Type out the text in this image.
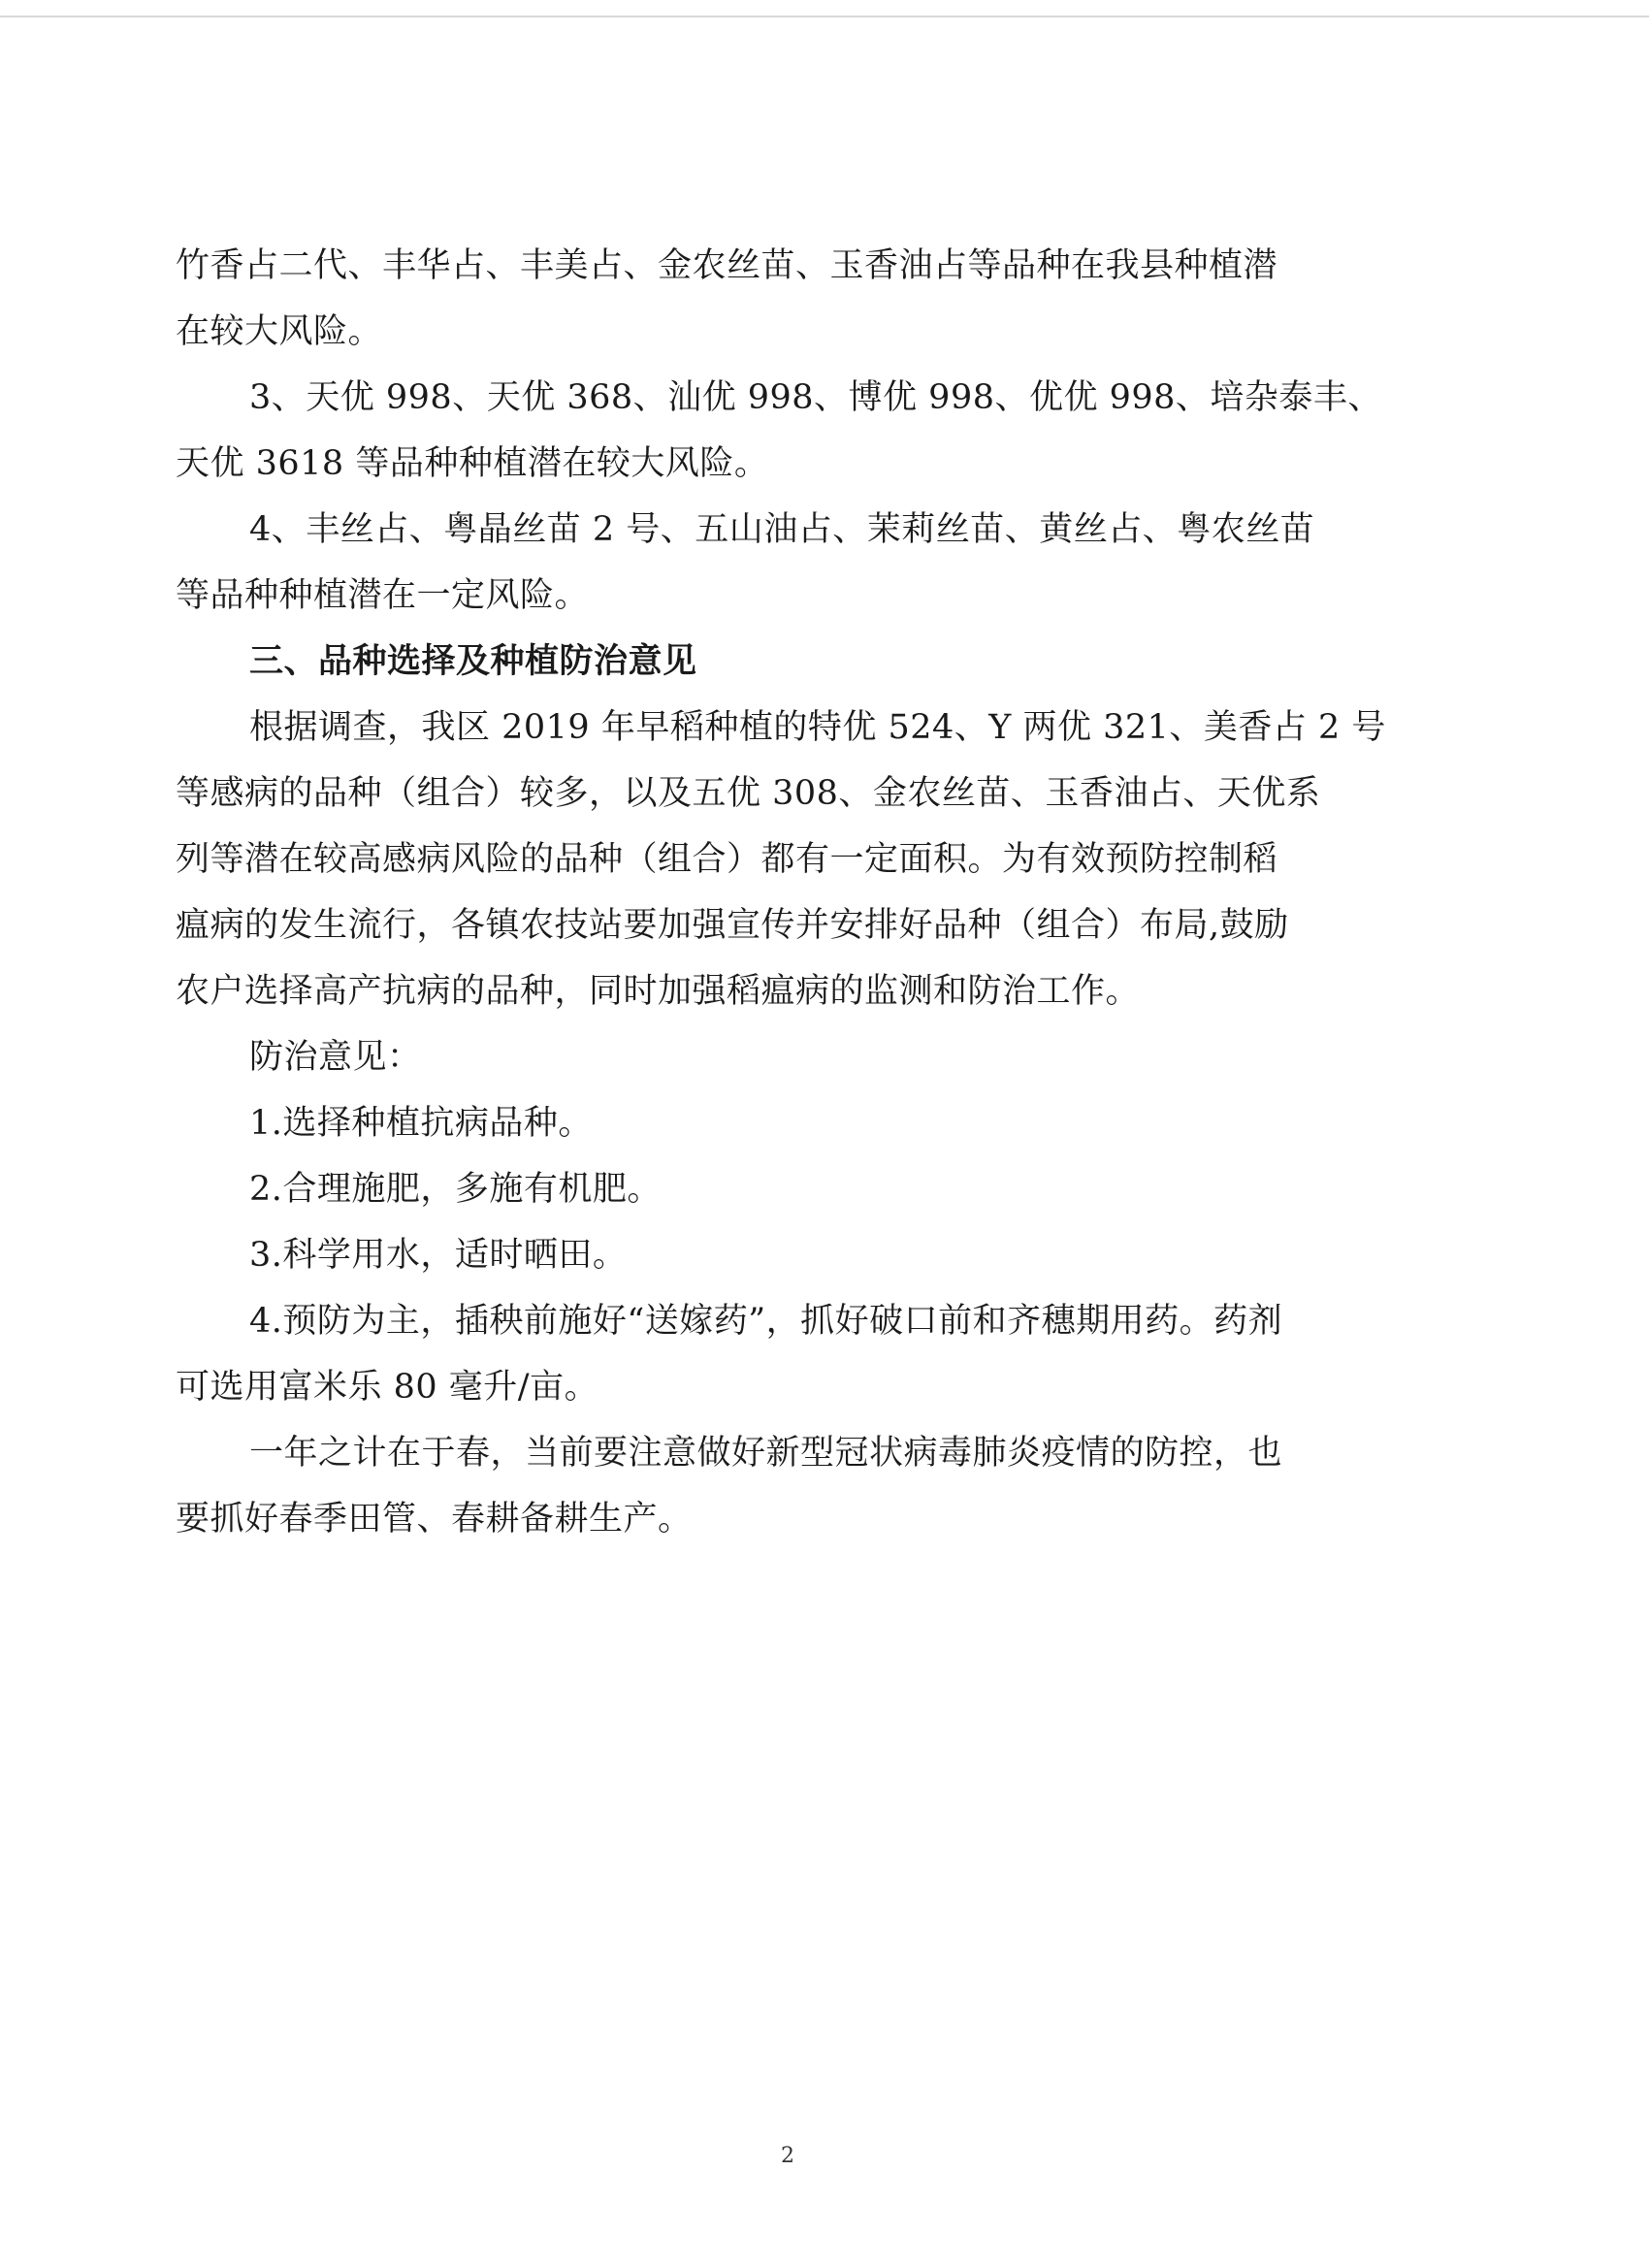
竹香占二代、丰华占、丰美占、金农丝苗、玉香油占等品种在我县种植潜
在较大风险。
3、天优 998、天优 368、汕优 998、博优 998、优优 998、培杂泰丰、
天优 3618 等品种种植潜在较大风险。
4、丰丝占、粤晶丝苗 2 号、五山油占、茉莉丝苗、黄丝占、粤农丝苗
等品种种植潜在一定风险。
三、品种选择及种植防治意见
根据调查，我区 2019 年早稻种植的特优 524、Y 两优 321、美香占 2 号
等感病的品种（组合）较多，以及五优 308、金农丝苗、玉香油占、天优系
列等潜在较高感病风险的品种（组合）都有一定面积。为有效预防控制稻
瘟病的发生流行，各镇农技站要加强宣传并安排好品种（组合）布局,鼓励
农户选择高产抗病的品种，同时加强稻瘟病的监测和防治工作。
防治意见：
1.选择种植抗病品种。
2.合理施肥，多施有机肥。
3.科学用水，适时晒田。
4.预防为主，插秧前施好“送嫁药”，抓好破口前和齐穗期用药。药剂
可选用富米乐 80 毫升/亩。
一年之计在于春，当前要注意做好新型冠状病毒肺炎疫情的防控，也
要抓好春季田管、春耕备耕生产。
2
